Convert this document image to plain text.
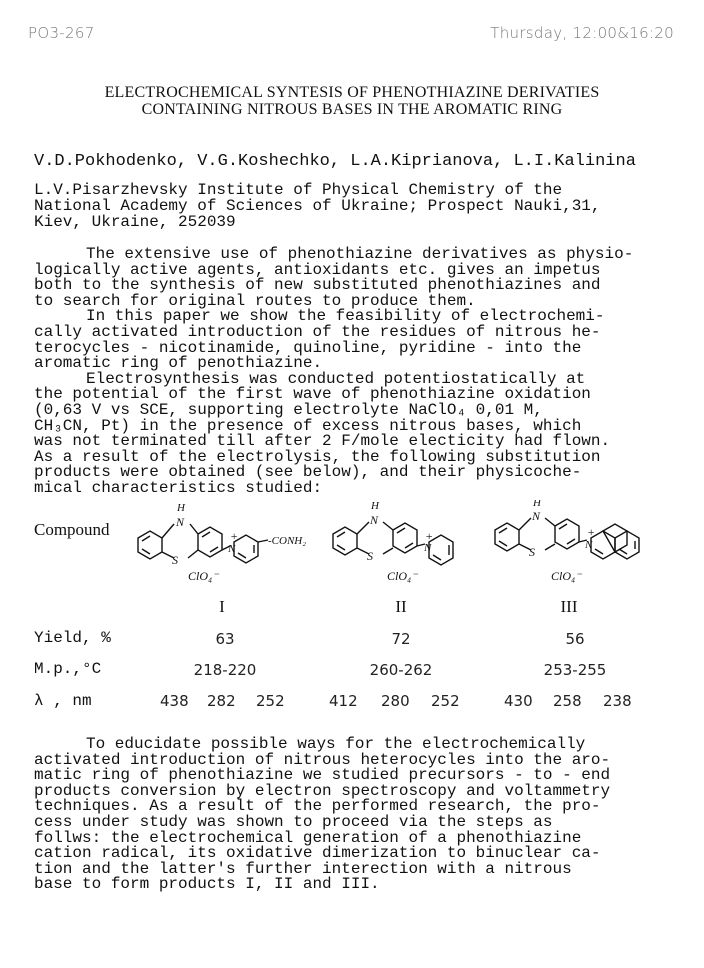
PO3-267	Thursday, 12:00&16:20
ELECTROCHEMICAL SYNTESIS OF PHENOTHIAZINE DERIVATIES
CONTAINING NITROUS BASES IN THE AROMATIC RING
V.D.Pokhodenko, V.G.Koshechko, L.A.Kiprianova, L.I.Kalinina
L.V.Pisarzhevsky Institute of Physical Chemistry of the
National Academy of Sciences of Ukraine; Prospect Nauki,31,
Kiev, Ukraine, 252039
The extensive use of phenothiazine derivatives as physio-
logically active agents, antioxidants etc. gives an impetus
both to the synthesis of new substituted phenothiazines and
to search for original routes to produce them.
In this paper we show the feasibility of electrochemi-
cally activated introduction of the residues of nitrous he-
terocycles - nicotinamide, quinoline, pyridine - into the
aromatic ring of penothiazine.
Electrosynthesis was conducted potentiostatically at
the potential of the first wave of phenothiazine oxidation
(0,63 V vs SCE, supporting electrolyte NaClO₄ 0,01 M,
CH₃CN, Pt) in the presence of excess nitrous bases, which
was not terminated till after 2 F/mole electicity had flown.
As a result of the electrolysis, the following substitution
products were obtained (see below), and their physicoche-
mical characteristics studied:
Compound
H
N
S
+
N
-CONH₂
ClO₄⁻
H
N
S
+
N
ClO₄⁻
H
N
S
+
N
ClO₄⁻
I	II	III
Yield, %	63	72	56
M.p.,°C	218-220	260-262	253-255
λ , nm	438 282 252	412 280 252	430 258 238
To educidate possible ways for the electrochemically
activated introduction of nitrous heterocycles into the aro-
matic ring of phenothiazine we studied precursors - to - end
products conversion by electron spectroscopy and voltammetry
techniques. As a result of the performed research, the pro-
cess under study was shown to proceed via the steps as
follws: the electrochemical generation of a phenothiazine
cation radical, its oxidative dimerization to binuclear ca-
tion and the latter's further interection with a nitrous
base to form products I, II and III.
